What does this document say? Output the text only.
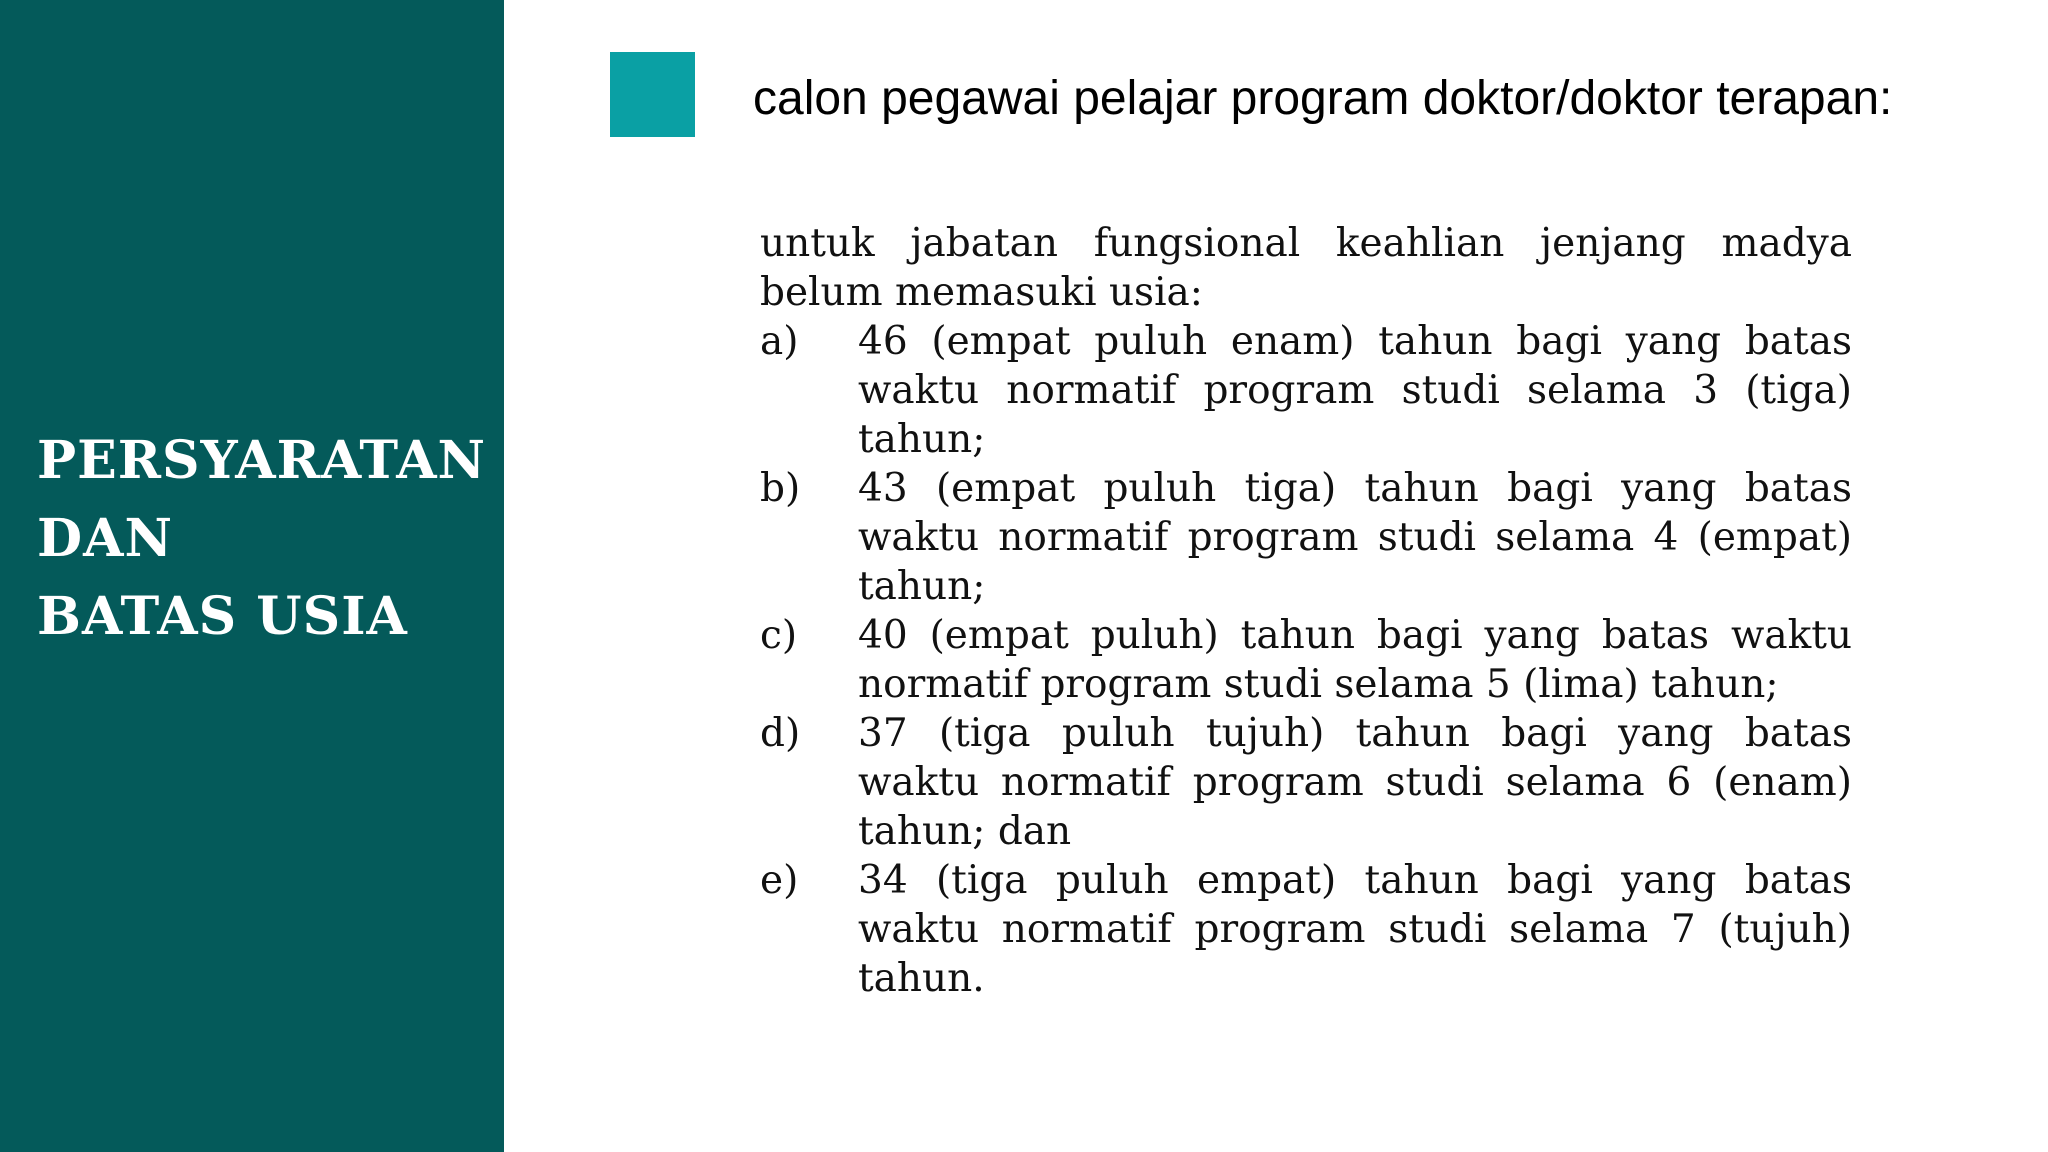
PERSYARATAN
DAN
BATAS USIA
calon pegawai pelajar program doktor/doktor terapan:

untuk jabatan fungsional keahlian jenjang madya belum memasuki usia:

a) 46 (empat puluh enam) tahun bagi yang batas waktu normatif program studi selama 3 (tiga) tahun;
b) 43 (empat puluh tiga) tahun bagi yang batas waktu normatif program studi selama 4 (empat) tahun;
c) 40 (empat puluh) tahun bagi yang batas waktu normatif program studi selama 5 (lima) tahun;
d) 37 (tiga puluh tujuh) tahun bagi yang batas waktu normatif program studi selama 6 (enam) tahun; dan
e) 34 (tiga puluh empat) tahun bagi yang batas waktu normatif program studi selama 7 (tujuh) tahun.
